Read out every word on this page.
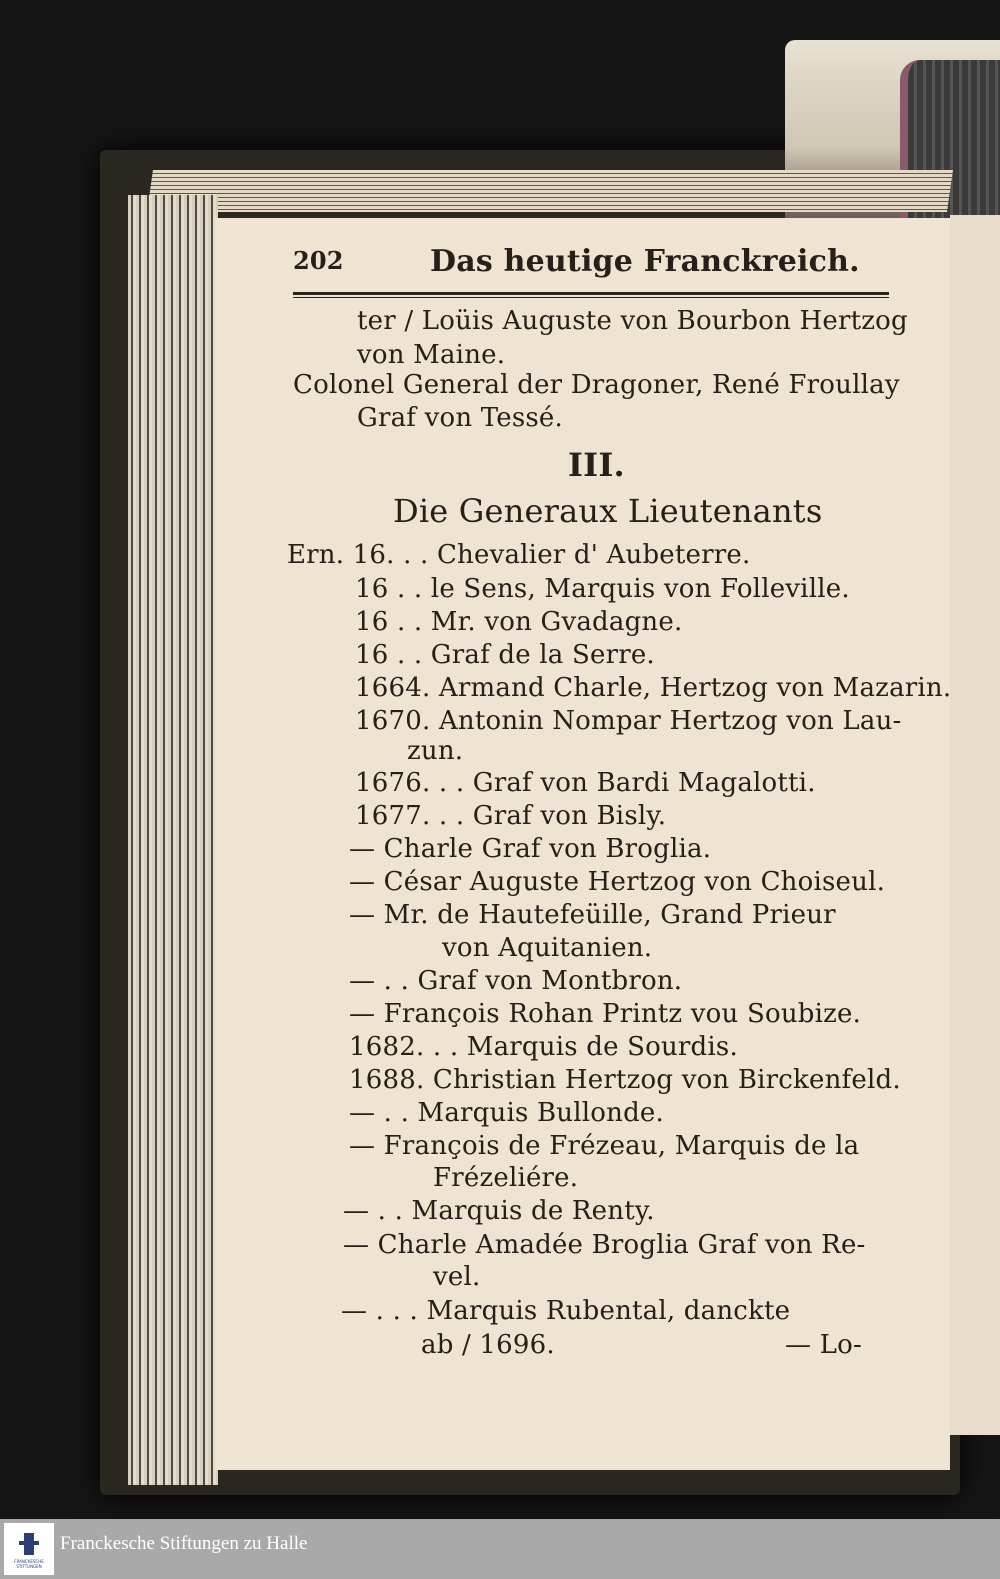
202	Das heutige Franckreich.
ter / Loüis Auguste von Bourbon Hertzog
von Maine.
Colonel General der Dragoner, René Froullay
Graf von Tessé.
III.
Die Generaux Lieutenants
Ern. 16. . . Chevalier d' Aubeterre.
16 . . le Sens, Marquis von Folleville.
16 . . Mr. von Gvadagne.
16 . . Graf de la Serre.
1664. Armand Charle, Hertzog von Mazarin.
1670. Antonin Nompar Hertzog von Lau-
zun.
1676. . . Graf von Bardi Magalotti.
1677. . . Graf von Bisly.
— Charle Graf von Broglia.
— César Auguste Hertzog von Choiseul.
— Mr. de Hautefeüille, Grand Prieur
von Aquitanien.
— . . Graf von Montbron.
— François Rohan Printz vou Soubize.
1682. . . Marquis de Sourdis.
1688. Christian Hertzog von Birckenfeld.
— . . Marquis Bullonde.
— François de Frézeau, Marquis de la
Frézeliére.
— . . Marquis de Renty.
— Charle Amadée Broglia Graf von Re-
vel.
— . . . Marquis Rubental, danckte
ab / 1696.	— Lo-
FRANCKESCHE STIFTUNGEN
Franckesche Stiftungen zu Halle
